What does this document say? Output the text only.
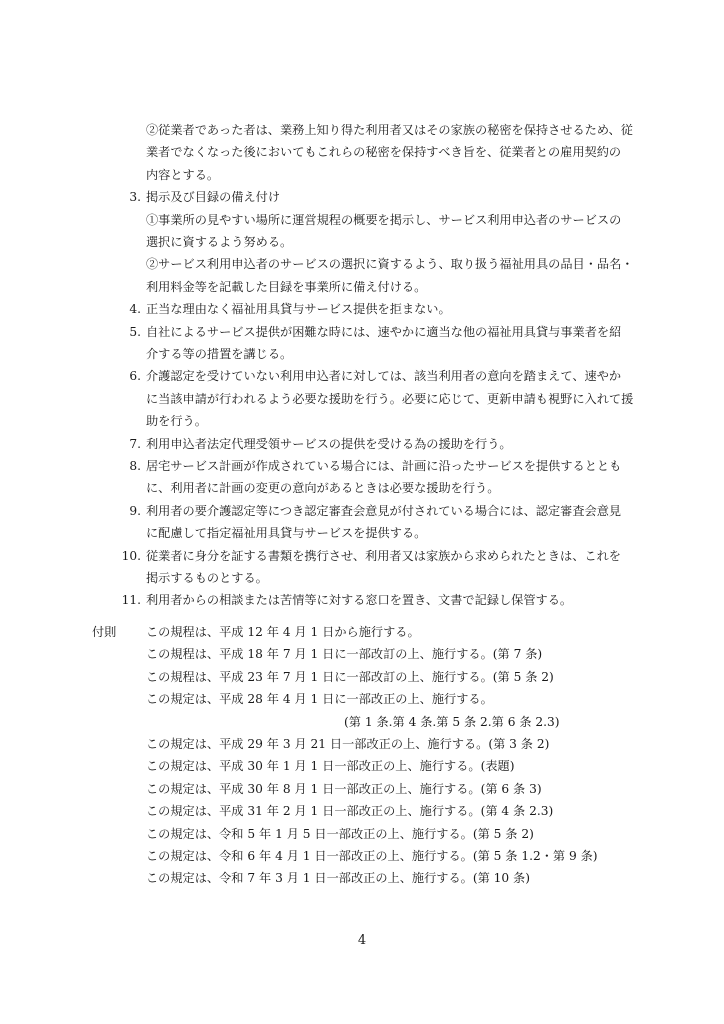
②従業者であった者は、業務上知り得た利用者又はその家族の秘密を保持させるため、従
業者でなくなった後においてもこれらの秘密を保持すべき旨を、従業者との雇用契約の
内容とする。
3. 掲示及び目録の備え付け
①事業所の見やすい場所に運営規程の概要を掲示し、サービス利用申込者のサービスの
選択に資するよう努める。
②サービス利用申込者のサービスの選択に資するよう、取り扱う福祉用具の品目・品名・
利用料金等を記載した目録を事業所に備え付ける。
4. 正当な理由なく福祉用具貸与サービス提供を拒まない。
5. 自社によるサービス提供が困難な時には、速やかに適当な他の福祉用具貸与事業者を紹
介する等の措置を講じる。
6. 介護認定を受けていない利用申込者に対しては、該当利用者の意向を踏まえて、速やか
に当該申請が行われるよう必要な援助を行う。必要に応じて、更新申請も視野に入れて援
助を行う。
7. 利用申込者法定代理受領サービスの提供を受ける為の援助を行う。
8. 居宅サービス計画が作成されている場合には、計画に沿ったサービスを提供するととも
に、利用者に計画の変更の意向があるときは必要な援助を行う。
9. 利用者の要介護認定等につき認定審査会意見が付されている場合には、認定審査会意見
に配慮して指定福祉用具貸与サービスを提供する。
10. 従業者に身分を証する書類を携行させ、利用者又は家族から求められたときは、これを
掲示するものとする。
11. 利用者からの相談または苦情等に対する窓口を置き、文書で記録し保管する。
付則 この規程は、平成 12 年 4 月 1 日から施行する。
この規程は、平成 18 年 7 月 1 日に一部改訂の上、施行する。(第 7 条)
この規程は、平成 23 年 7 月 1 日に一部改訂の上、施行する。(第 5 条 2)
この規定は、平成 28 年 4 月 1 日に一部改正の上、施行する。
(第 1 条.第 4 条.第 5 条 2.第 6 条 2.3)
この規定は、平成 29 年 3 月 21 日一部改正の上、施行する。(第 3 条 2)
この規定は、平成 30 年 1 月 1 日一部改正の上、施行する。(表題)
この規定は、平成 30 年 8 月 1 日一部改正の上、施行する。(第 6 条 3)
この規定は、平成 31 年 2 月 1 日一部改正の上、施行する。(第 4 条 2.3)
この規定は、令和 5 年 1 月 5 日一部改正の上、施行する。(第 5 条 2)
この規定は、令和 6 年 4 月 1 日一部改正の上、施行する。(第 5 条 1.2・第 9 条)
この規定は、令和 7 年 3 月 1 日一部改正の上、施行する。(第 10 条)
4
